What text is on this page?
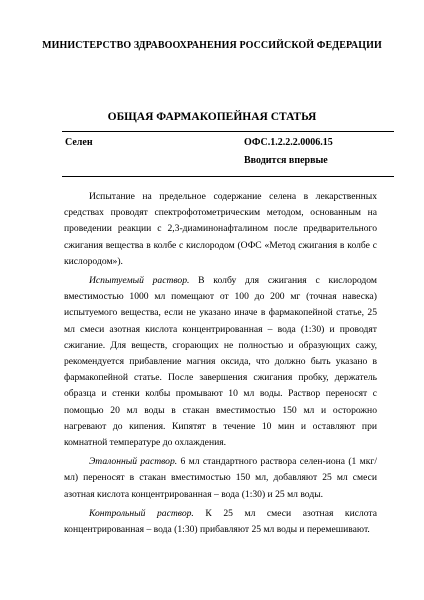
МИНИСТЕРСТВО ЗДРАВООХРАНЕНИЯ РОССИЙСКОЙ ФЕДЕРАЦИИ
ОБЩАЯ ФАРМАКОПЕЙНАЯ СТАТЬЯ
Селен	ОФС.1.2.2.2.0006.15
Вводится впервые

Испытание на предельное содержание селена в лекарственных средствах проводят спектрофотометрическим методом, основанным на проведении реакции с 2,3-диаминонафталином после предварительного сжигания вещества в колбе с кислородом (ОФС «Метод сжигания в колбе с кислородом»).

Испытуемый раствор. В колбу для сжигания с кислородом вместимостью 1000 мл помещают от 100 до 200 мг (точная навеска) испытуемого вещества, если не указано иначе в фармакопейной статье, 25 мл смеси азотная кислота концентрированная – вода (1:30) и проводят сжигание. Для веществ, сгорающих не полностью и образующих сажу, рекомендуется прибавление магния оксида, что должно быть указано в фармакопейной статье. После завершения сжигания пробку, держатель образца и стенки колбы промывают 10 мл воды. Раствор переносят с помощью 20 мл воды в стакан вместимостью 150 мл и осторожно нагревают до кипения. Кипятят в течение 10 мин и оставляют при комнатной температуре до охлаждения.

Эталонный раствор. 6 мл стандартного раствора селен-иона (1 мкг/мл) переносят в стакан вместимостью 150 мл, добавляют 25 мл смеси азотная кислота концентрированная – вода (1:30) и 25 мл воды.

Контрольный раствор. К 25 мл смеси азотная кислота концентрированная – вода (1:30) прибавляют 25 мл воды и перемешивают.
